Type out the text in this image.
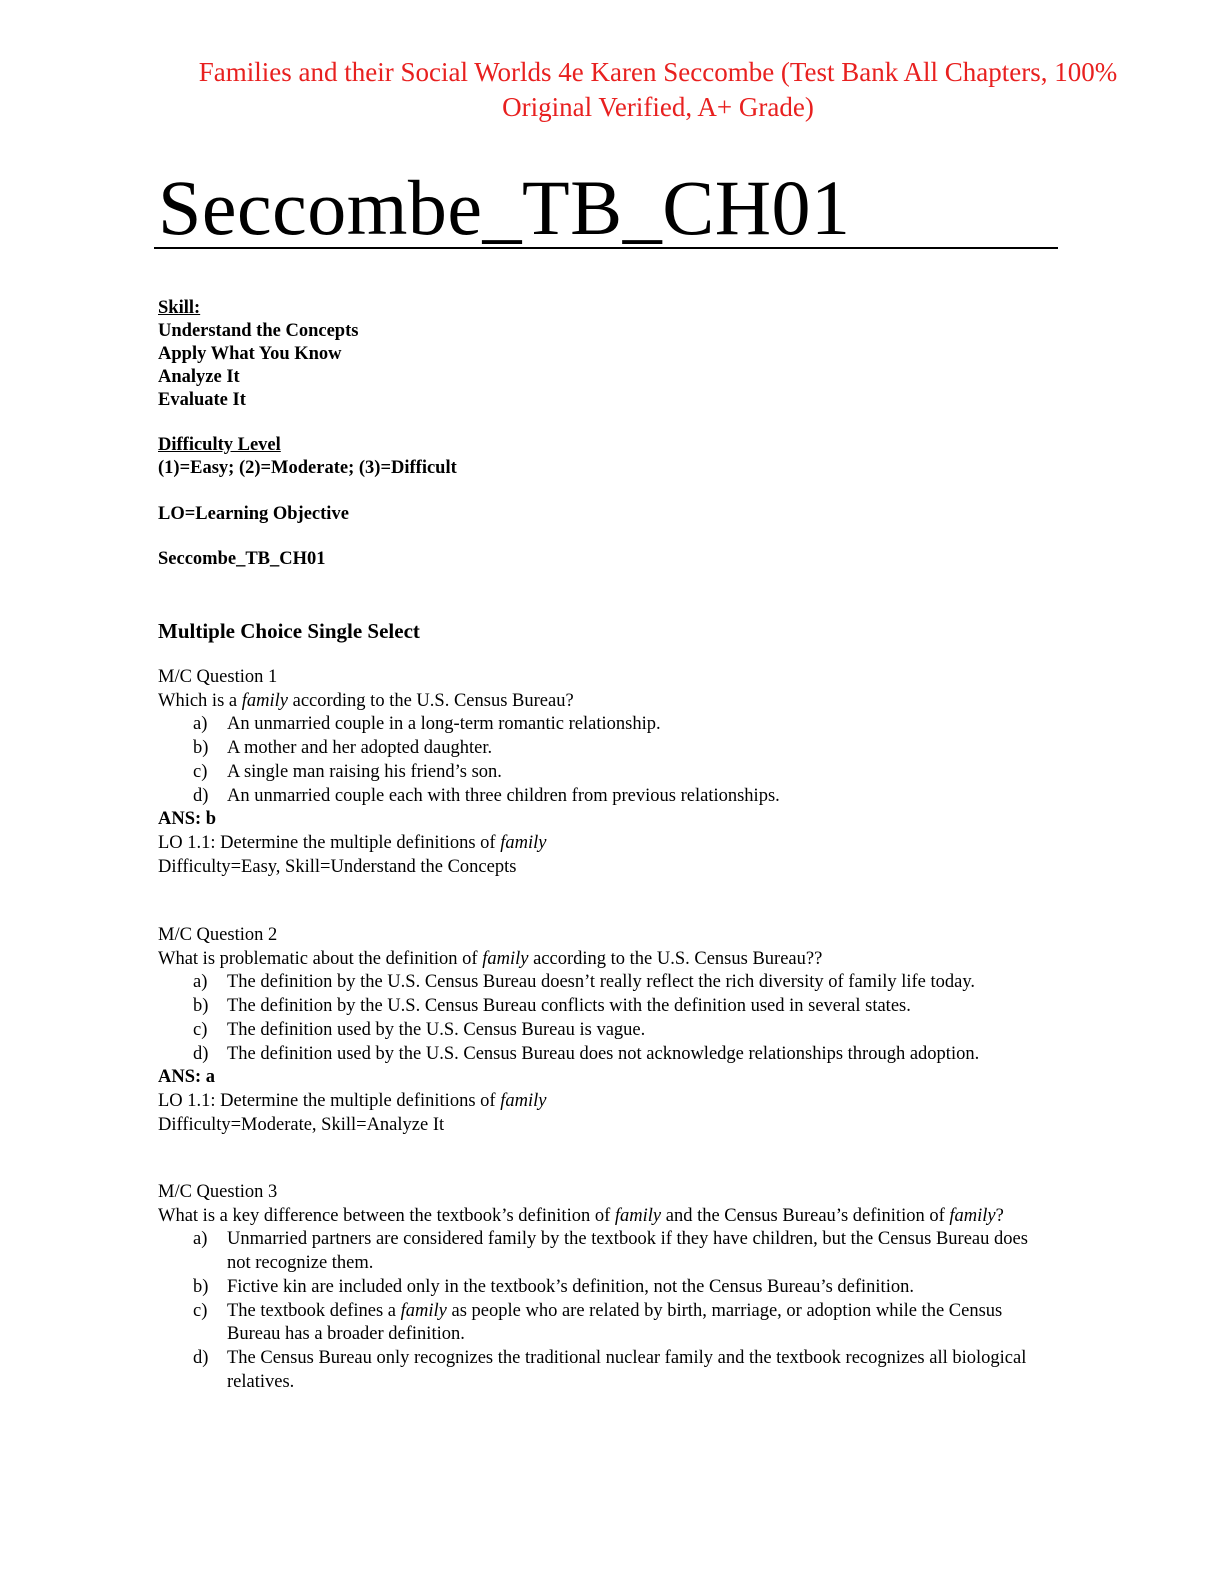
Families and their Social Worlds 4e Karen Seccombe (Test Bank All Chapters, 100%
Original Verified, A+ Grade)
Seccombe_TB_CH01
Skill:
Understand the Concepts
Apply What You Know
Analyze It
Evaluate It
Difficulty Level
(1)=Easy; (2)=Moderate; (3)=Difficult
LO=Learning Objective
Seccombe_TB_CH01
Multiple Choice Single Select

M/C Question 1

Which is a family according to the U.S. Census Bureau?

a) An unmarried couple in a long-term romantic relationship.
b) A mother and her adopted daughter.
c) A single man raising his friend’s son.
d) An unmarried couple each with three children from previous relationships.

ANS: b

LO 1.1: Determine the multiple definitions of family

Difficulty=Easy, Skill=Understand the Concepts

M/C Question 2

What is problematic about the definition of family according to the U.S. Census Bureau??

a) The definition by the U.S. Census Bureau doesn’t really reflect the rich diversity of family life today.
b) The definition by the U.S. Census Bureau conflicts with the definition used in several states.
c) The definition used by the U.S. Census Bureau is vague.
d) The definition used by the U.S. Census Bureau does not acknowledge relationships through adoption.

ANS: a

LO 1.1: Determine the multiple definitions of family

Difficulty=Moderate, Skill=Analyze It

M/C Question 3

What is a key difference between the textbook’s definition of family and the Census Bureau’s definition of family?

a) Unmarried partners are considered family by the textbook if they have children, but the Census Bureau does not recognize them.
b) Fictive kin are included only in the textbook’s definition, not the Census Bureau’s definition.
c) The textbook defines a family as people who are related by birth, marriage, or adoption while the Census Bureau has a broader definition.
d) The Census Bureau only recognizes the traditional nuclear family and the textbook recognizes all biological relatives.
